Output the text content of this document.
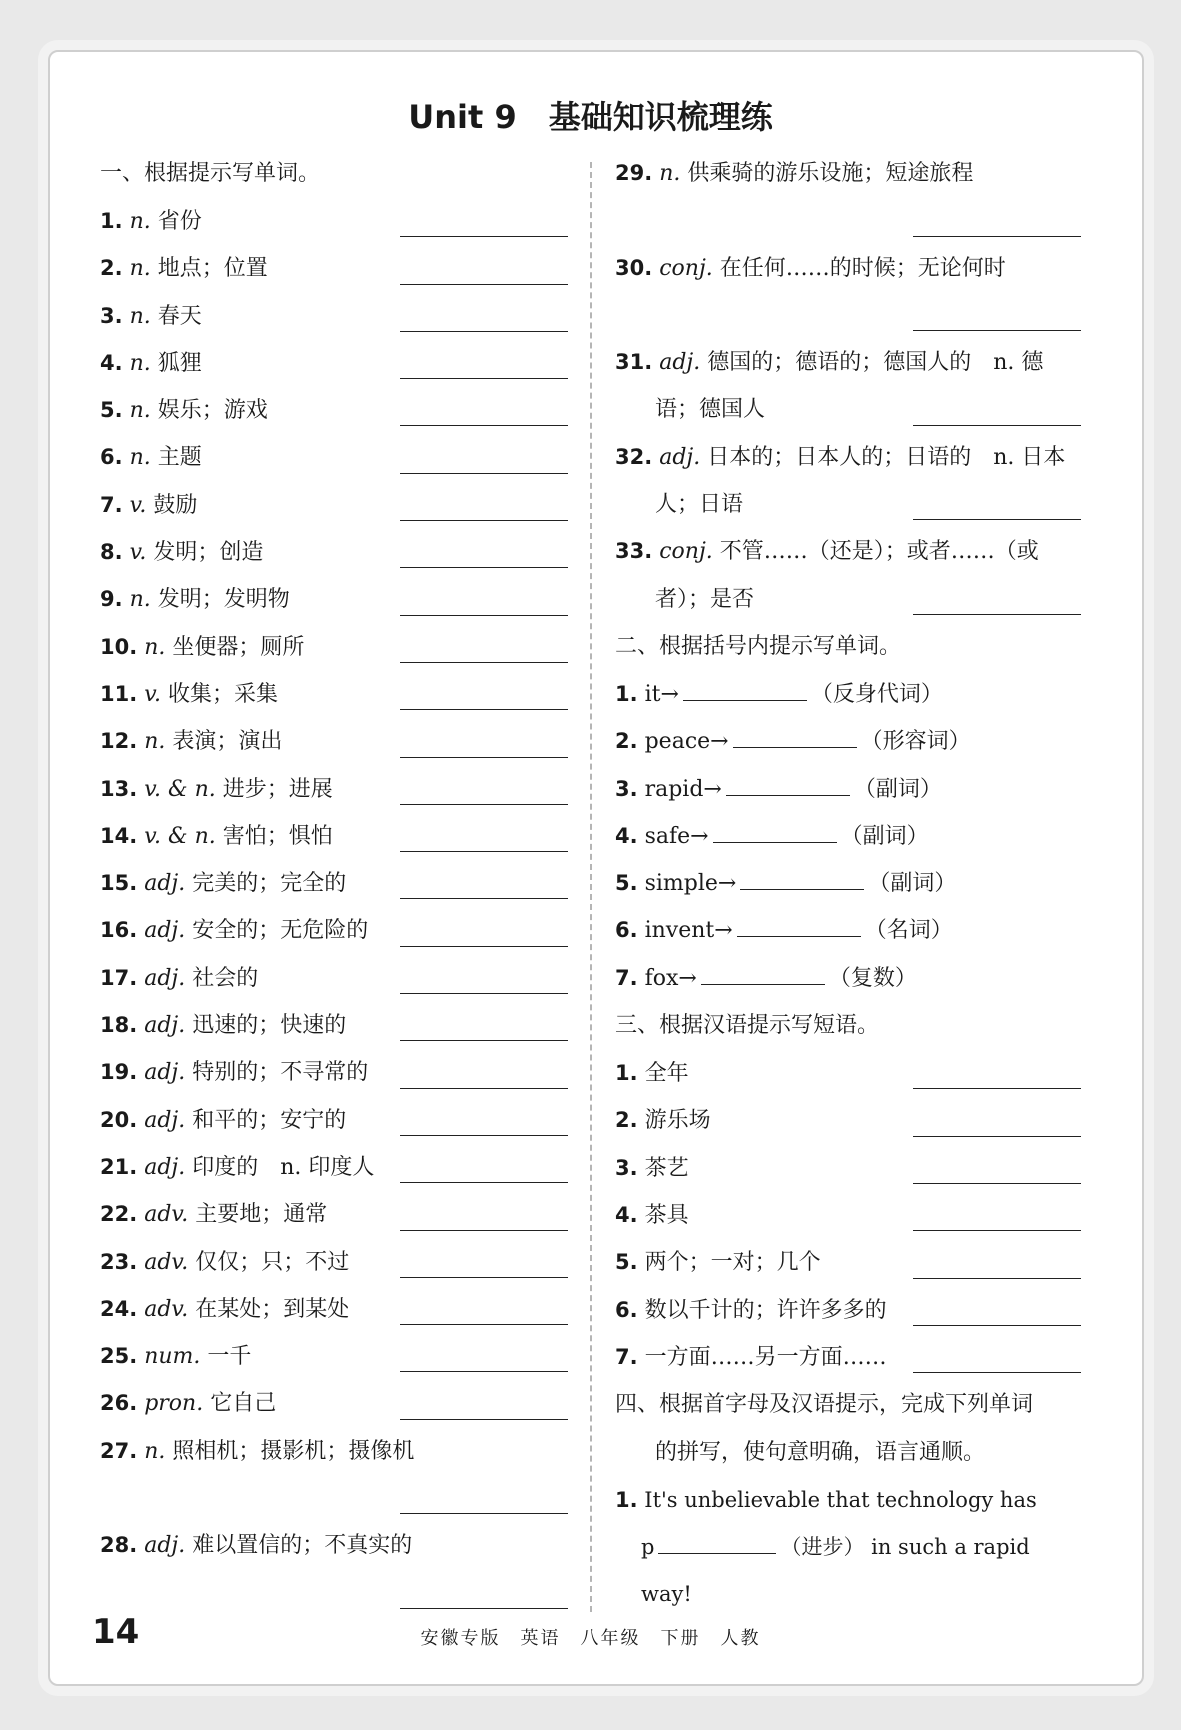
Unit 9　基础知识梳理练
一、根据提示写单词。
1. n. 省份
2. n. 地点；位置
3. n. 春天
4. n. 狐狸
5. n. 娱乐；游戏
6. n. 主题
7. v. 鼓励
8. v. 发明；创造
9. n. 发明；发明物
10. n. 坐便器；厕所
11. v. 收集；采集
12. n. 表演；演出
13. v. & n. 进步；进展
14. v. & n. 害怕；惧怕
15. adj. 完美的；完全的
16. adj. 安全的；无危险的
17. adj. 社会的
18. adj. 迅速的；快速的
19. adj. 特别的；不寻常的
20. adj. 和平的；安宁的
21. adj. 印度的　n. 印度人
22. adv. 主要地；通常
23. adv. 仅仅；只；不过
24. adv. 在某处；到某处
25. num. 一千
26. pron. 它自己
27. n. 照相机；摄影机；摄像机
28. adj. 难以置信的；不真实的
29. n. 供乘骑的游乐设施；短途旅程
30. conj. 在任何……的时候；无论何时
31. adj. 德国的；德语的；德国人的　n. 德
语；德国人
32. adj. 日本的；日本人的；日语的　n. 日本
人；日语
33. conj. 不管……（还是）；或者……（或
者）；是否
二、根据括号内提示写单词。
1. it→	（反身代词）
2. peace→	（形容词）
3. rapid→	（副词）
4. safe→	（副词）
5. simple→	（副词）
6. invent→	（名词）
7. fox→	（复数）
三、根据汉语提示写短语。
1. 全年
2. 游乐场
3. 茶艺
4. 茶具
5. 两个；一对；几个
6. 数以千计的；许许多多的
7. 一方面……另一方面……
四、根据首字母及汉语提示，完成下列单词
的拼写，使句意明确，语言通顺。
1. It's unbelievable that technology has
p	（进步） in such a rapid way!
14	安徽专版　英语　八年级　下册　人教
